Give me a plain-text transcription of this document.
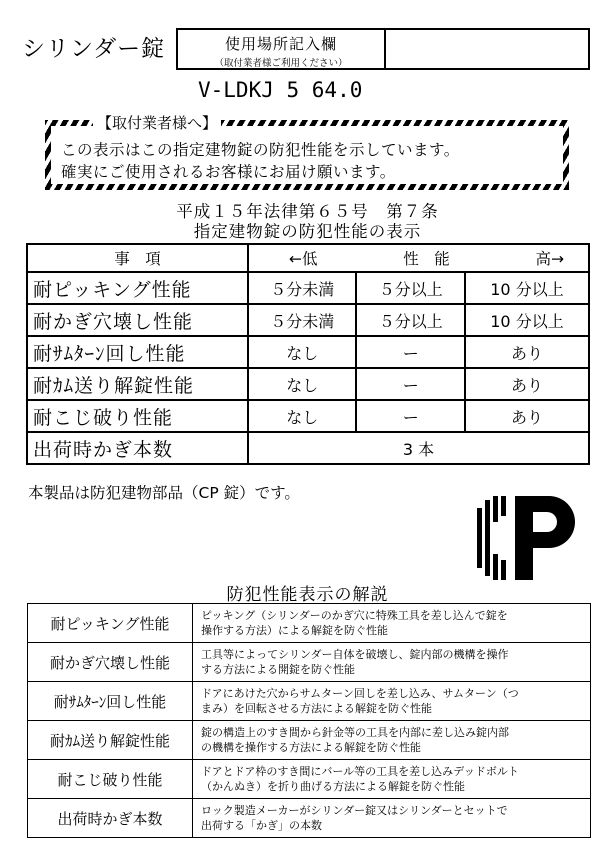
シリンダー錠	使用場所記入欄
（取付業者様ご利用ください）
V-LDKJ 5 64.0
【取付業者様へ】
この表示はこの指定建物錠の防犯性能を示しています。
確実にご使用されるお客様にお届け願います。
平成１５年法律第６５号　第７条
指定建物錠の防犯性能の表示
事　項	←低 性　能 高→		

耐ピッキング性能	５分未満	５分以上	10 分以上
耐かぎ穴壊し性能	５分未満	５分以上	10 分以上
耐ｻﾑﾀｰﾝ回し性能	なし	ー	あり
耐ｶﾑ送り解錠性能	なし	ー	あり
耐こじ破り性能	なし	ー	あり
出荷時かぎ本数	3 本		
本製品は防犯建物部品（CP 錠）です。
防犯性能表示の解説
耐ピッキング性能	ピッキング（シリンダーのかぎ穴に特殊工具を差し込んで錠を
操作する方法）による解錠を防ぐ性能
耐かぎ穴壊し性能	工具等によってシリンダー自体を破壊し、錠内部の機構を操作
する方法による開錠を防ぐ性能
耐ｻﾑﾀｰﾝ回し性能	ドアにあけた穴からサムターン回しを差し込み、サムターン（つ
まみ）を回転させる方法による解錠を防ぐ性能
耐ｶﾑ送り解錠性能	錠の構造上のすき間から針金等の工具を内部に差し込み錠内部
の機構を操作する方法による解錠を防ぐ性能
耐こじ破り性能	ドアとドア枠のすき間にバール等の工具を差し込みデッドボルト
（かんぬき）を折り曲げる方法による解錠を防ぐ性能
出荷時かぎ本数	ロック製造メーカーがシリンダー錠又はシリンダーとセットで
出荷する「かぎ」の本数
